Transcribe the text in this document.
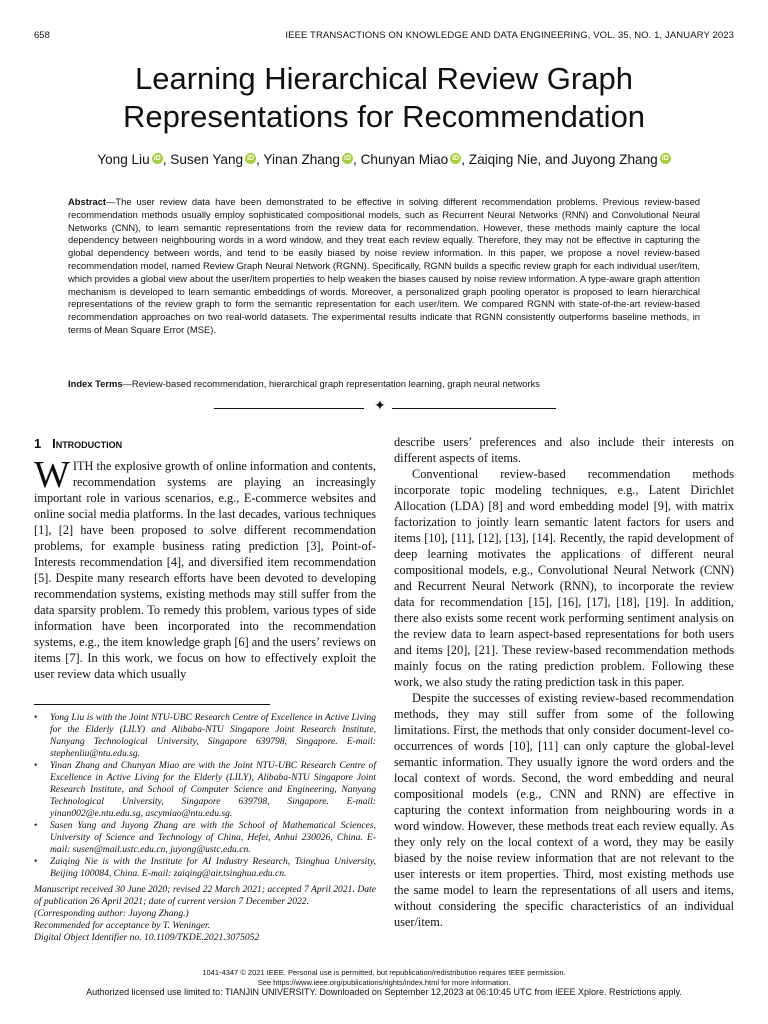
658	IEEE TRANSACTIONS ON KNOWLEDGE AND DATA ENGINEERING, VOL. 35, NO. 1, JANUARY 2023
Learning Hierarchical Review Graph
Representations for Recommendation
Yong Liu iD , Susen Yang iD , Yinan Zhang iD , Chunyan Miao iD , Zaiqing Nie, and Juyong Zhang iD
Abstract—The user review data have been demonstrated to be effective in solving different recommendation problems. Previous review-based recommendation methods usually employ sophisticated compositional models, such as Recurrent Neural Networks (RNN) and Convolutional Neural Networks (CNN), to learn semantic representations from the review data for recommendation. However, these methods mainly capture the local dependency between neighbouring words in a word window, and they treat each review equally. Therefore, they may not be effective in capturing the global dependency between words, and tend to be easily biased by noise review information. In this paper, we propose a novel review-based recommendation model, named Review Graph Neural Network (RGNN). Specifically, RGNN builds a specific review graph for each individual user/item, which provides a global view about the user/item properties to help weaken the biases caused by noise review information. A type-aware graph attention mechanism is developed to learn semantic embeddings of words. Moreover, a personalized graph pooling operator is proposed to learn hierarchical representations of the review graph to form the semantic representation for each user/item. We compared RGNN with state-of-the-art review-based recommendation approaches on two real-world datasets. The experimental results indicate that RGNN consistently outperforms baseline methods, in terms of Mean Square Error (MSE).
Index Terms—Review-based recommendation, hierarchical graph representation learning, graph neural networks
✦
1 Introduction

WITH the explosive growth of online information and contents, recommendation systems are playing an increasingly important role in various scenarios, e.g., E-commerce websites and online social media platforms. In the last decades, various techniques [1], [2] have been proposed to solve different recommendation problems, for example business rating prediction [3], Point-of-Interests recommendation [4], and diversified item recommendation [5]. Despite many research efforts have been devoted to developing recommendation systems, existing methods may still suffer from the data sparsity problem. To remedy this problem, various types of side information have been incorporated into the recommendation systems, e.g., the item knowledge graph [6] and the users’ reviews on items [7]. In this work, we focus on how to effectively exploit the user review data which usually

• Yong Liu is with the Joint NTU-UBC Research Centre of Excellence in Active Living for the Elderly (LILY) and Alibaba-NTU Singapore Joint Research Institute, Nanyang Technological University, Singapore 639798, Singapore. E-mail: stephenliu@ntu.edu.sg.
• Yinan Zhang and Chunyan Miao are with the Joint NTU-UBC Research Centre of Excellence in Active Living for the Elderly (LILY), Alibaba-NTU Singapore Joint Research Institute, and School of Computer Science and Engineering, Nanyang Technological University, Singapore 639798, Singapore. E-mail: yinan002@e.ntu.edu.sg, ascymiao@ntu.edu.sg.
• Susen Yang and Juyong Zhang are with the School of Mathematical Sciences, University of Science and Technology of China, Hefei, Anhui 230026, China. E-mail: susen@mail.ustc.edu.cn, juyong@ustc.edu.cn.
• Zaiqing Nie is with the Institute for AI Industry Research, Tsinghua University, Beijing 100084, China. E-mail: zaiqing@air.tsinghua.edu.cn.
Manuscript received 30 June 2020; revised 22 March 2021; accepted 7 April 2021. Date of publication 26 April 2021; date of current version 7 December 2022.
(Corresponding author: Juyong Zhang.)
Recommended for acceptance by T. Weninger.
Digital Object Identifier no. 10.1109/TKDE.2021.3075052

describe users’ preferences and also include their interests on different aspects of items.

Conventional review-based recommendation methods incorporate topic modeling techniques, e.g., Latent Dirichlet Allocation (LDA) [8] and word embedding model [9], with matrix factorization to jointly learn semantic latent factors for users and items [10], [11], [12], [13], [14]. Recently, the rapid development of deep learning motivates the applications of different neural compositional models, e.g., Convolutional Neural Network (CNN) and Recurrent Neural Network (RNN), to incorporate the review data for recommendation [15], [16], [17], [18], [19]. In addition, there also exists some recent work performing sentiment analysis on the review data to learn aspect-based representations for both users and items [20], [21]. These review-based recommendation methods mainly focus on the rating prediction problem. Following these work, we also study the rating prediction task in this paper.

Despite the successes of existing review-based recommendation methods, they may still suffer from some of the following limitations. First, the methods that only consider document-level co-occurrences of words [10], [11] can only capture the global-level semantic information. They usually ignore the word orders and the local context of words. Second, the word embedding and neural compositional models (e.g., CNN and RNN) are effective in capturing the context information from neighbouring words in a word window. However, these methods treat each review equally. As they only rely on the local context of a word, they may be easily biased by the noise review information that are not relevant to the user interests or item properties. Third, most existing methods use the same model to learn the representations of all users and items, without considering the specific characteristics of an individual user/item.

1041-4347 © 2021 IEEE. Personal use is permitted, but republication/redistribution requires IEEE permission.
See https://www.ieee.org/publications/rights/index.html for more information.
Authorized licensed use limited to: TIANJIN UNIVERSITY. Downloaded on September 12,2023 at 06:10:45 UTC from IEEE Xplore. Restrictions apply.
